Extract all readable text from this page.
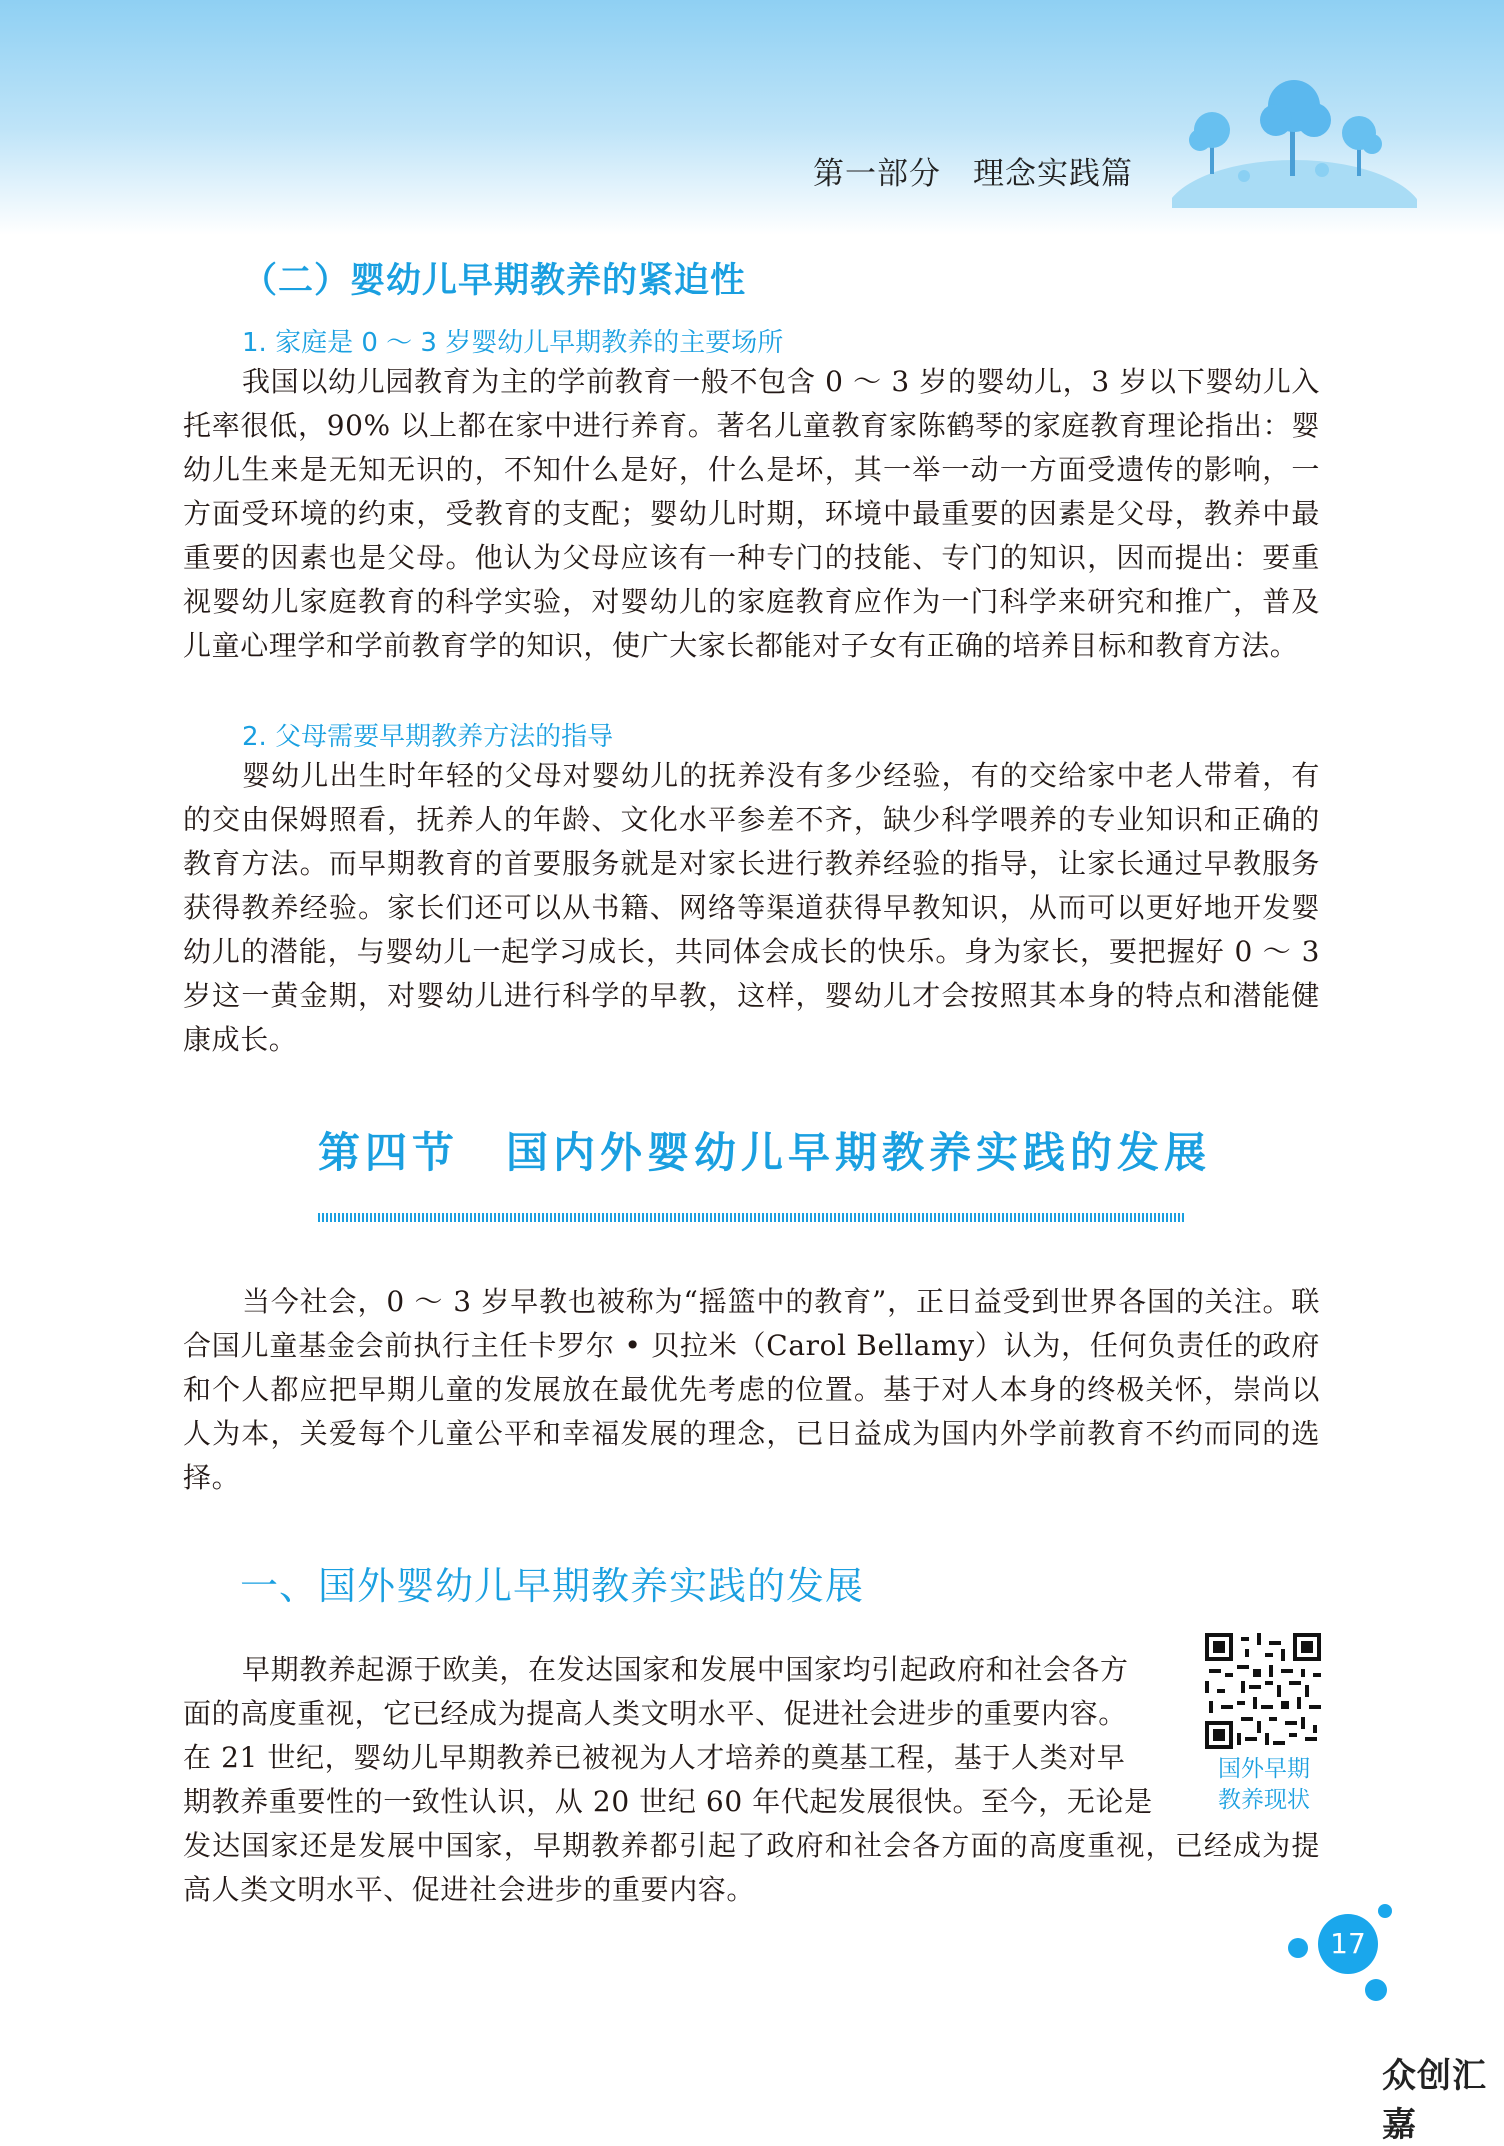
第一部分　理念实践篇
（二）婴幼儿早期教养的紧迫性
1. 家庭是 0 ～ 3 岁婴幼儿早期教养的主要场所

我国以幼儿园教育为主的学前教育一般不包含 0 ～ 3 岁的婴幼儿，3 岁以下婴幼儿入托率很低，90% 以上都在家中进行养育。著名儿童教育家陈鹤琴的家庭教育理论指出：婴幼儿生来是无知无识的，不知什么是好，什么是坏，其一举一动一方面受遗传的影响，一方面受环境的约束，受教育的支配；婴幼儿时期，环境中最重要的因素是父母，教养中最重要的因素也是父母。他认为父母应该有一种专门的技能、专门的知识，因而提出：要重视婴幼儿家庭教育的科学实验，对婴幼儿的家庭教育应作为一门科学来研究和推广，普及儿童心理学和学前教育学的知识，使广大家长都能对子女有正确的培养目标和教育方法。

2. 父母需要早期教养方法的指导

婴幼儿出生时年轻的父母对婴幼儿的抚养没有多少经验，有的交给家中老人带着，有的交由保姆照看，抚养人的年龄、文化水平参差不齐，缺少科学喂养的专业知识和正确的教育方法。而早期教育的首要服务就是对家长进行教养经验的指导，让家长通过早教服务获得教养经验。家长们还可以从书籍、网络等渠道获得早教知识，从而可以更好地开发婴幼儿的潜能，与婴幼儿一起学习成长，共同体会成长的快乐。身为家长，要把握好 0 ～ 3 岁这一黄金期，对婴幼儿进行科学的早教，这样，婴幼儿才会按照其本身的特点和潜能健康成长。

第四节　国内外婴幼儿早期教养实践的发展

当今社会，0 ～ 3 岁早教也被称为“摇篮中的教育”，正日益受到世界各国的关注。联合国儿童基金会前执行主任卡罗尔 • 贝拉米（Carol Bellamy）认为，任何负责任的政府和个人都应把早期儿童的发展放在最优先考虑的位置。基于对人本身的终极关怀，崇尚以人为本，关爱每个儿童公平和幸福发展的理念，已日益成为国内外学前教育不约而同的选择。

一、国外婴幼儿早期教养实践的发展
早期教养起源于欧美，在发达国家和发展中国家均引起政府和社会各方
面的高度重视，它已经成为提高人类文明水平、促进社会进步的重要内容。
在 21 世纪，婴幼儿早期教养已被视为人才培养的奠基工程，基于人类对早
期教养重要性的一致性认识，从 20 世纪 60 年代起发展很快。至今，无论是

发达国家还是发展中国家，早期教养都引起了政府和社会各方面的高度重视，已经成为提高人类文明水平、促进社会进步的重要内容。

国外早期
教养现状
17
众创汇嘉
